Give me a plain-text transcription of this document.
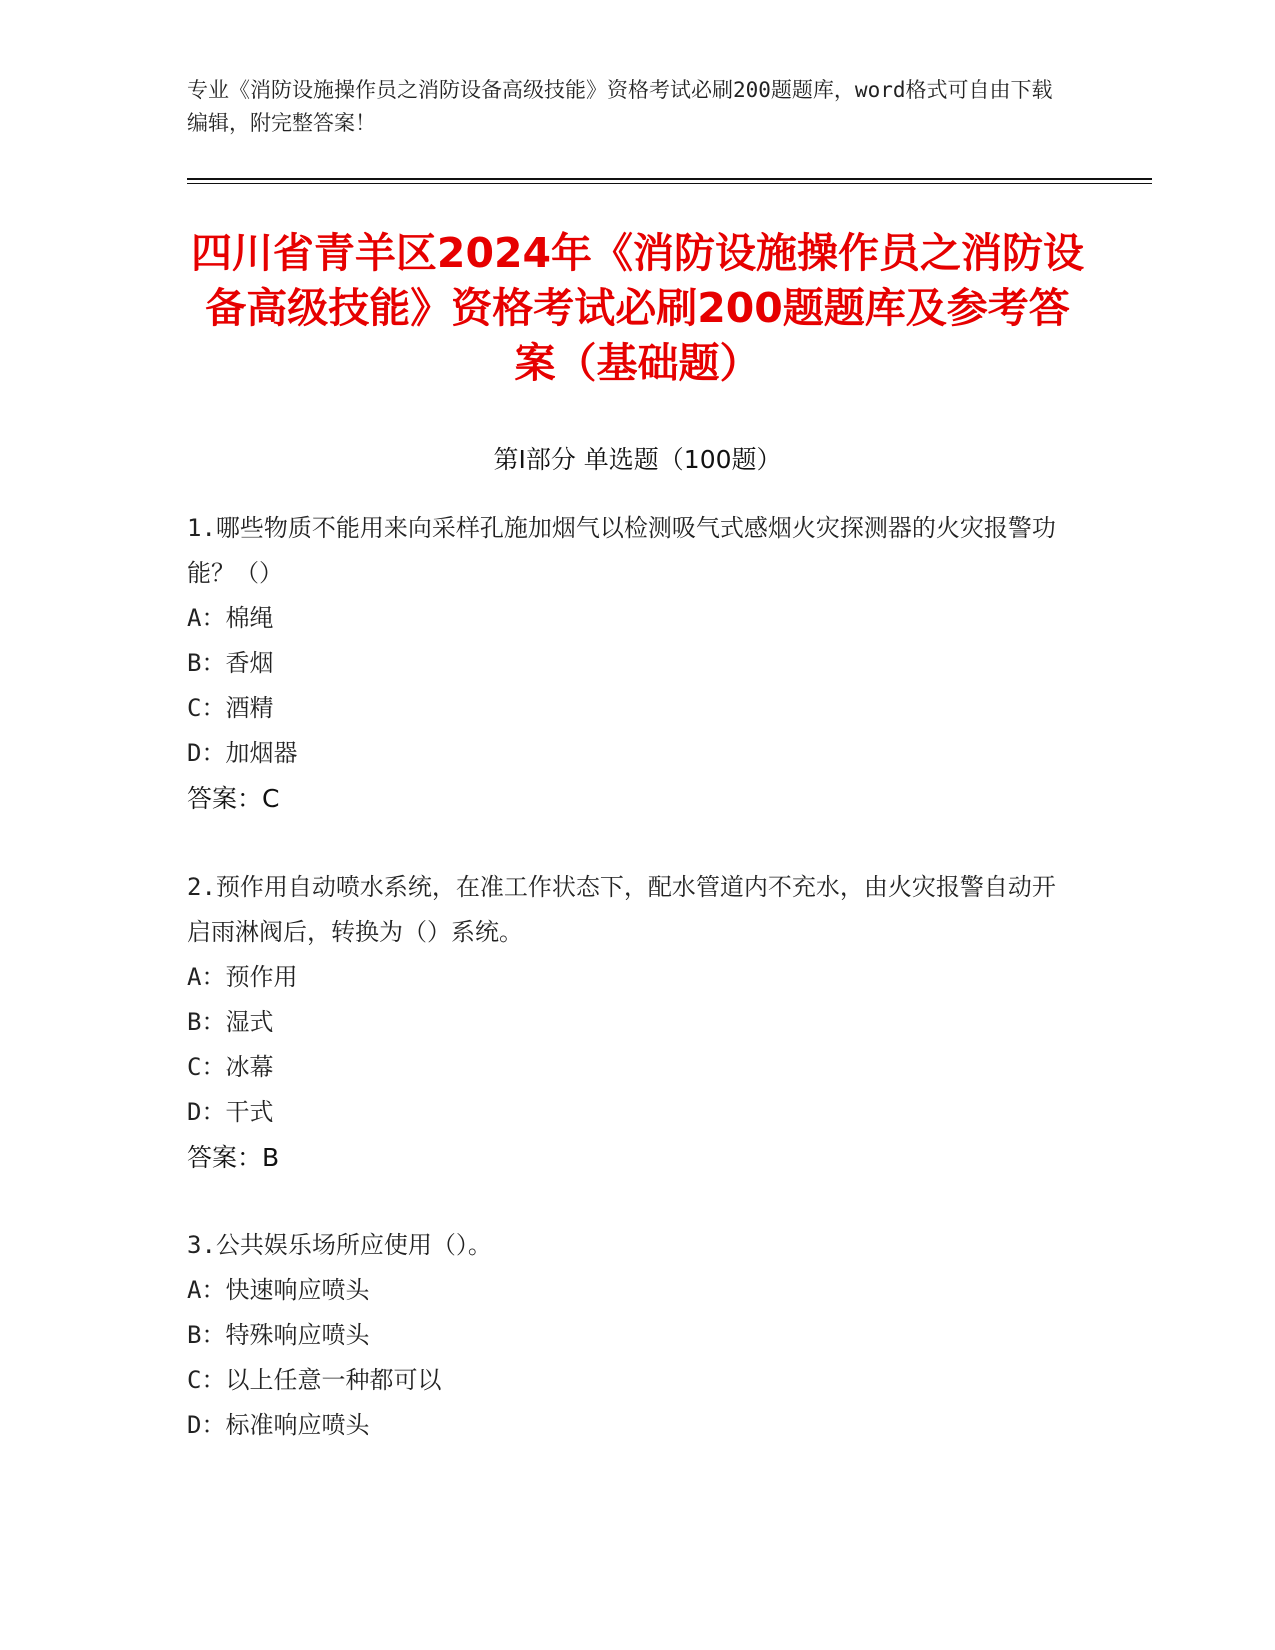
专业《消防设施操作员之消防设备高级技能》资格考试必刷200题题库，word格式可自由下载编辑，附完整答案！
四川省青羊区2024年《消防设施操作员之消防设备高级技能》资格考试必刷200题题库及参考答案（基础题）
第Ⅰ部分 单选题（100题）

1.哪些物质不能用来向采样孔施加烟气以检测吸气式感烟火灾探测器的火灾报警功能？（）

A：棉绳
B：香烟
C：酒精
D：加烟器
答案：C

2.预作用自动喷水系统，在准工作状态下，配水管道内不充水，由火灾报警自动开启雨淋阀后，转换为（）系统。

A：预作用
B：湿式
C：冰幕
D：干式
答案：B

3.公共娱乐场所应使用（）。

A：快速响应喷头
B：特殊响应喷头
C：以上任意一种都可以
D：标准响应喷头
